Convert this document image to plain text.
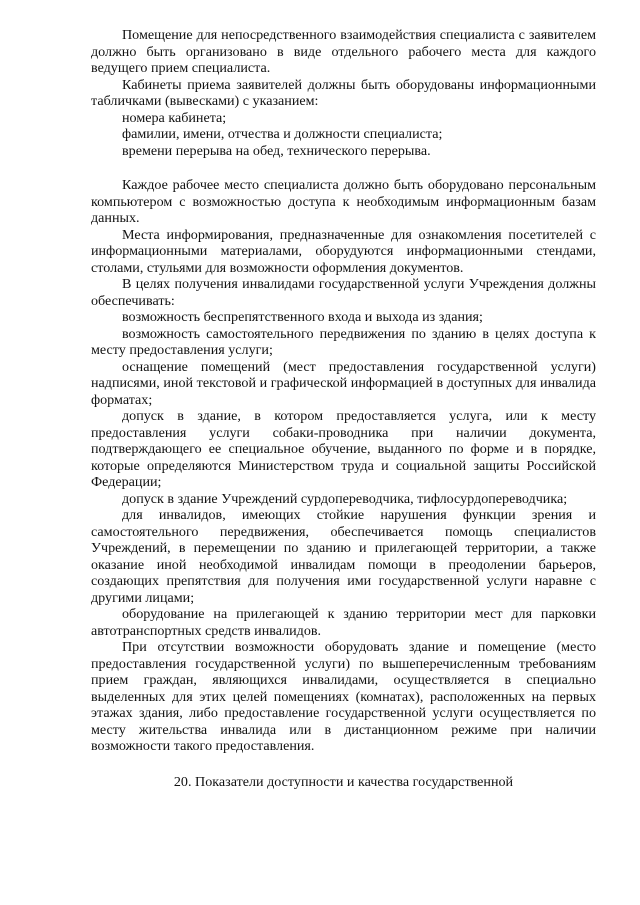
Помещение для непосредственного взаимодействия специалиста с заявителем должно быть организовано в виде отдельного рабочего места для каждого ведущего прием специалиста.

Кабинеты приема заявителей должны быть оборудованы информационными табличками (вывесками) с указанием:

номера кабинета;

фамилии, имени, отчества и должности специалиста;

времени перерыва на обед, технического перерыва.

Каждое рабочее место специалиста должно быть оборудовано персональным компьютером с возможностью доступа к необходимым информационным базам данных.

Места информирования, предназначенные для ознакомления посетителей с информационными материалами, оборудуются информационными стендами, столами, стульями для возможности оформления документов.

В целях получения инвалидами государственной услуги Учреждения должны обеспечивать:

возможность беспрепятственного входа и выхода из здания;

возможность самостоятельного передвижения по зданию в целях доступа к месту предоставления услуги;

оснащение помещений (мест предоставления государственной услуги) надписями, иной текстовой и графической информацией в доступных для инвалида форматах;

допуск в здание, в котором предоставляется услуга, или к месту предоставления услуги собаки-проводника при наличии документа, подтверждающего ее специальное обучение, выданного по форме и в порядке, которые определяются Министерством труда и социальной защиты Российской Федерации;

допуск в здание Учреждений сурдопереводчика, тифлосурдопереводчика;

для инвалидов, имеющих стойкие нарушения функции зрения и самостоятельного передвижения, обеспечивается помощь специалистов Учреждений, в перемещении по зданию и прилегающей территории, а также оказание иной необходимой инвалидам помощи в преодолении барьеров, создающих препятствия для получения ими государственной услуги наравне с другими лицами;

оборудование на прилегающей к зданию территории мест для парковки автотранспортных средств инвалидов.

При отсутствии возможности оборудовать здание и помещение (место предоставления государственной услуги) по вышеперечисленным требованиям прием граждан, являющихся инвалидами, осуществляется в специально выделенных для этих целей помещениях (комнатах), расположенных на первых этажах здания, либо предоставление государственной услуги осуществляется по месту жительства инвалида или в дистанционном режиме при наличии возможности такого предоставления.

20. Показатели доступности и качества государственной
